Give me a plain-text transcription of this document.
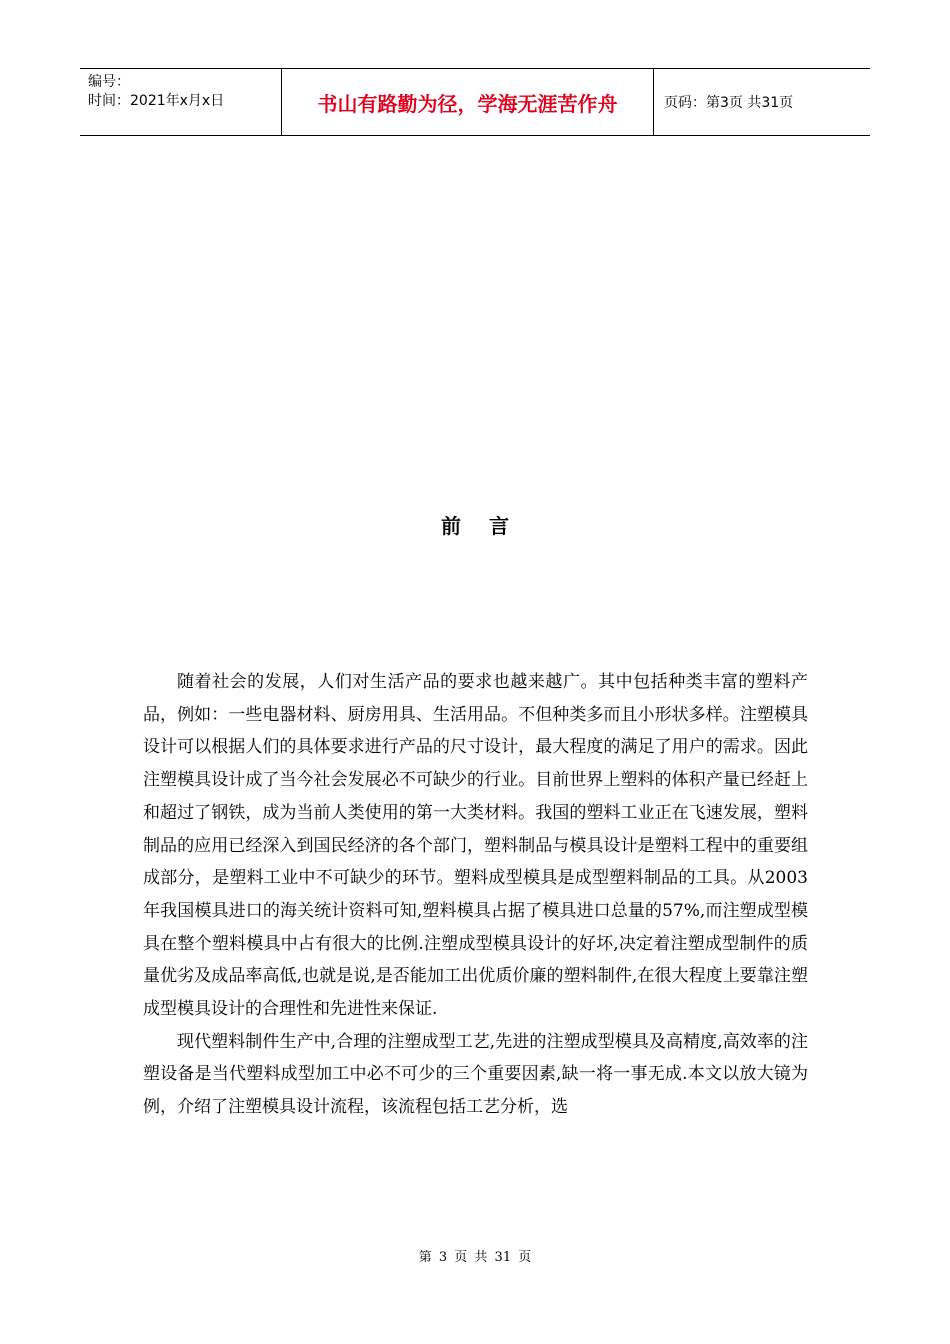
编号：
时间：2021年x月x日	书山有路勤为径，学海无涯苦作舟	页码：第3页 共31页
前言

随着社会的发展，人们对生活产品的要求也越来越广。其中包括种类丰富的塑料产品，例如：一些电器材料、厨房用具、生活用品。不但种类多而且小形状多样。注塑模具设计可以根据人们的具体要求进行产品的尺寸设计，最大程度的满足了用户的需求。因此注塑模具设计成了当今社会发展必不可缺少的行业。目前世界上塑料的体积产量已经赶上和超过了钢铁，成为当前人类使用的第一大类材料。我国的塑料工业正在飞速发展，塑料制品的应用已经深入到国民经济的各个部门，塑料制品与模具设计是塑料工程中的重要组成部分，是塑料工业中不可缺少的环节。塑料成型模具是成型塑料制品的工具。从2003年我国模具进口的海关统计资料可知,塑料模具占据了模具进口总量的57%,而注塑成型模具在整个塑料模具中占有很大的比例.注塑成型模具设计的好坏,决定着注塑成型制件的质量优劣及成品率高低,也就是说,是否能加工出优质价廉的塑料制件,在很大程度上要靠注塑成型模具设计的合理性和先进性来保证.

现代塑料制件生产中,合理的注塑成型工艺,先进的注塑成型模具及高精度,高效率的注塑设备是当代塑料成型加工中必不可少的三个重要因素,缺一将一事无成.本文以放大镜为例，介绍了注塑模具设计流程，该流程包括工艺分析，选

第 3 页 共 31 页
